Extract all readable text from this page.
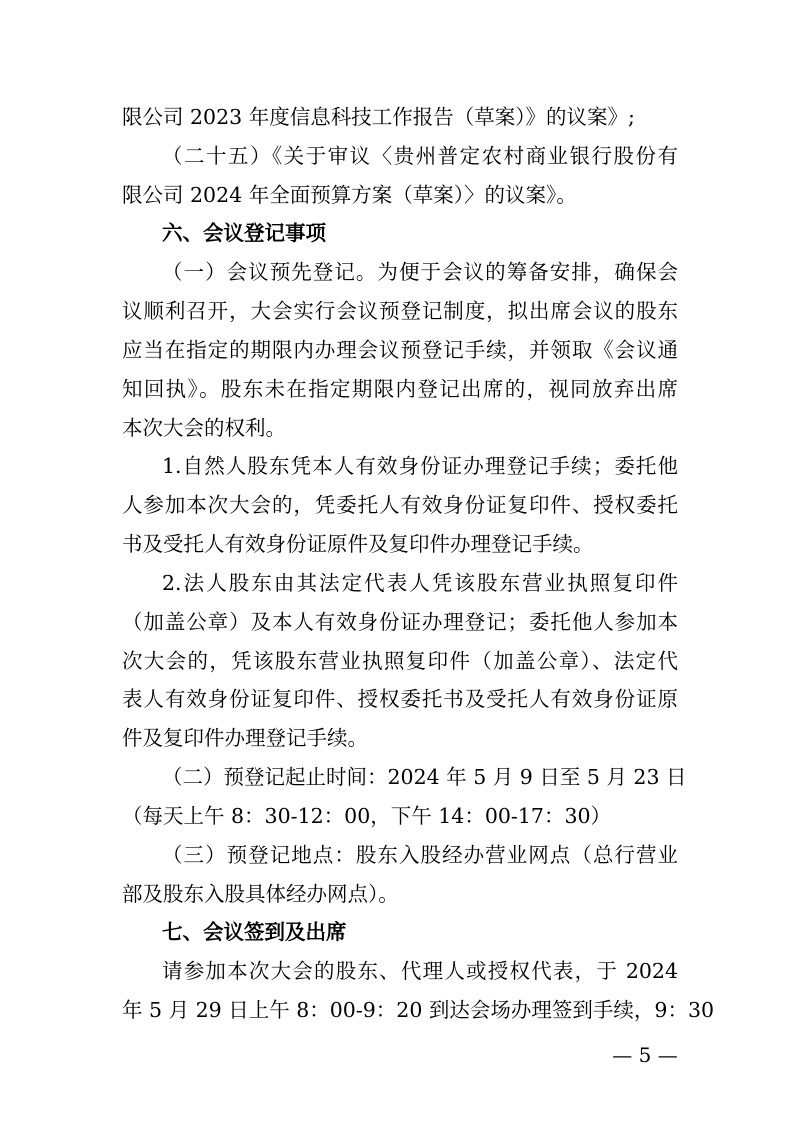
限公司 2023 年度信息科技工作报告（草案）》的议案》;
（二十五）《关于审议〈贵州普定农村商业银行股份有
限公司 2024 年全面预算方案（草案）〉的议案》。
六、会议登记事项
（一）会议预先登记。为便于会议的筹备安排，确保会
议顺利召开，大会实行会议预登记制度，拟出席会议的股东
应当在指定的期限内办理会议预登记手续，并领取《会议通
知回执》。股东未在指定期限内登记出席的，视同放弃出席
本次大会的权利。
1.自然人股东凭本人有效身份证办理登记手续；委托他
人参加本次大会的，凭委托人有效身份证复印件、授权委托
书及受托人有效身份证原件及复印件办理登记手续。
2.法人股东由其法定代表人凭该股东营业执照复印件
（加盖公章）及本人有效身份证办理登记；委托他人参加本
次大会的，凭该股东营业执照复印件（加盖公章）、法定代
表人有效身份证复印件、授权委托书及受托人有效身份证原
件及复印件办理登记手续。
（二）预登记起止时间：2024 年 5 月 9 日至 5 月 23 日
（每天上午 8：30-12：00，下午 14：00-17：30）
（三）预登记地点：股东入股经办营业网点（总行营业
部及股东入股具体经办网点）。
七、会议签到及出席
请参加本次大会的股东、代理人或授权代表，于 2024
年 5 月 29 日上午 8：00-9：20 到达会场办理签到手续，9：30
— 5 —
